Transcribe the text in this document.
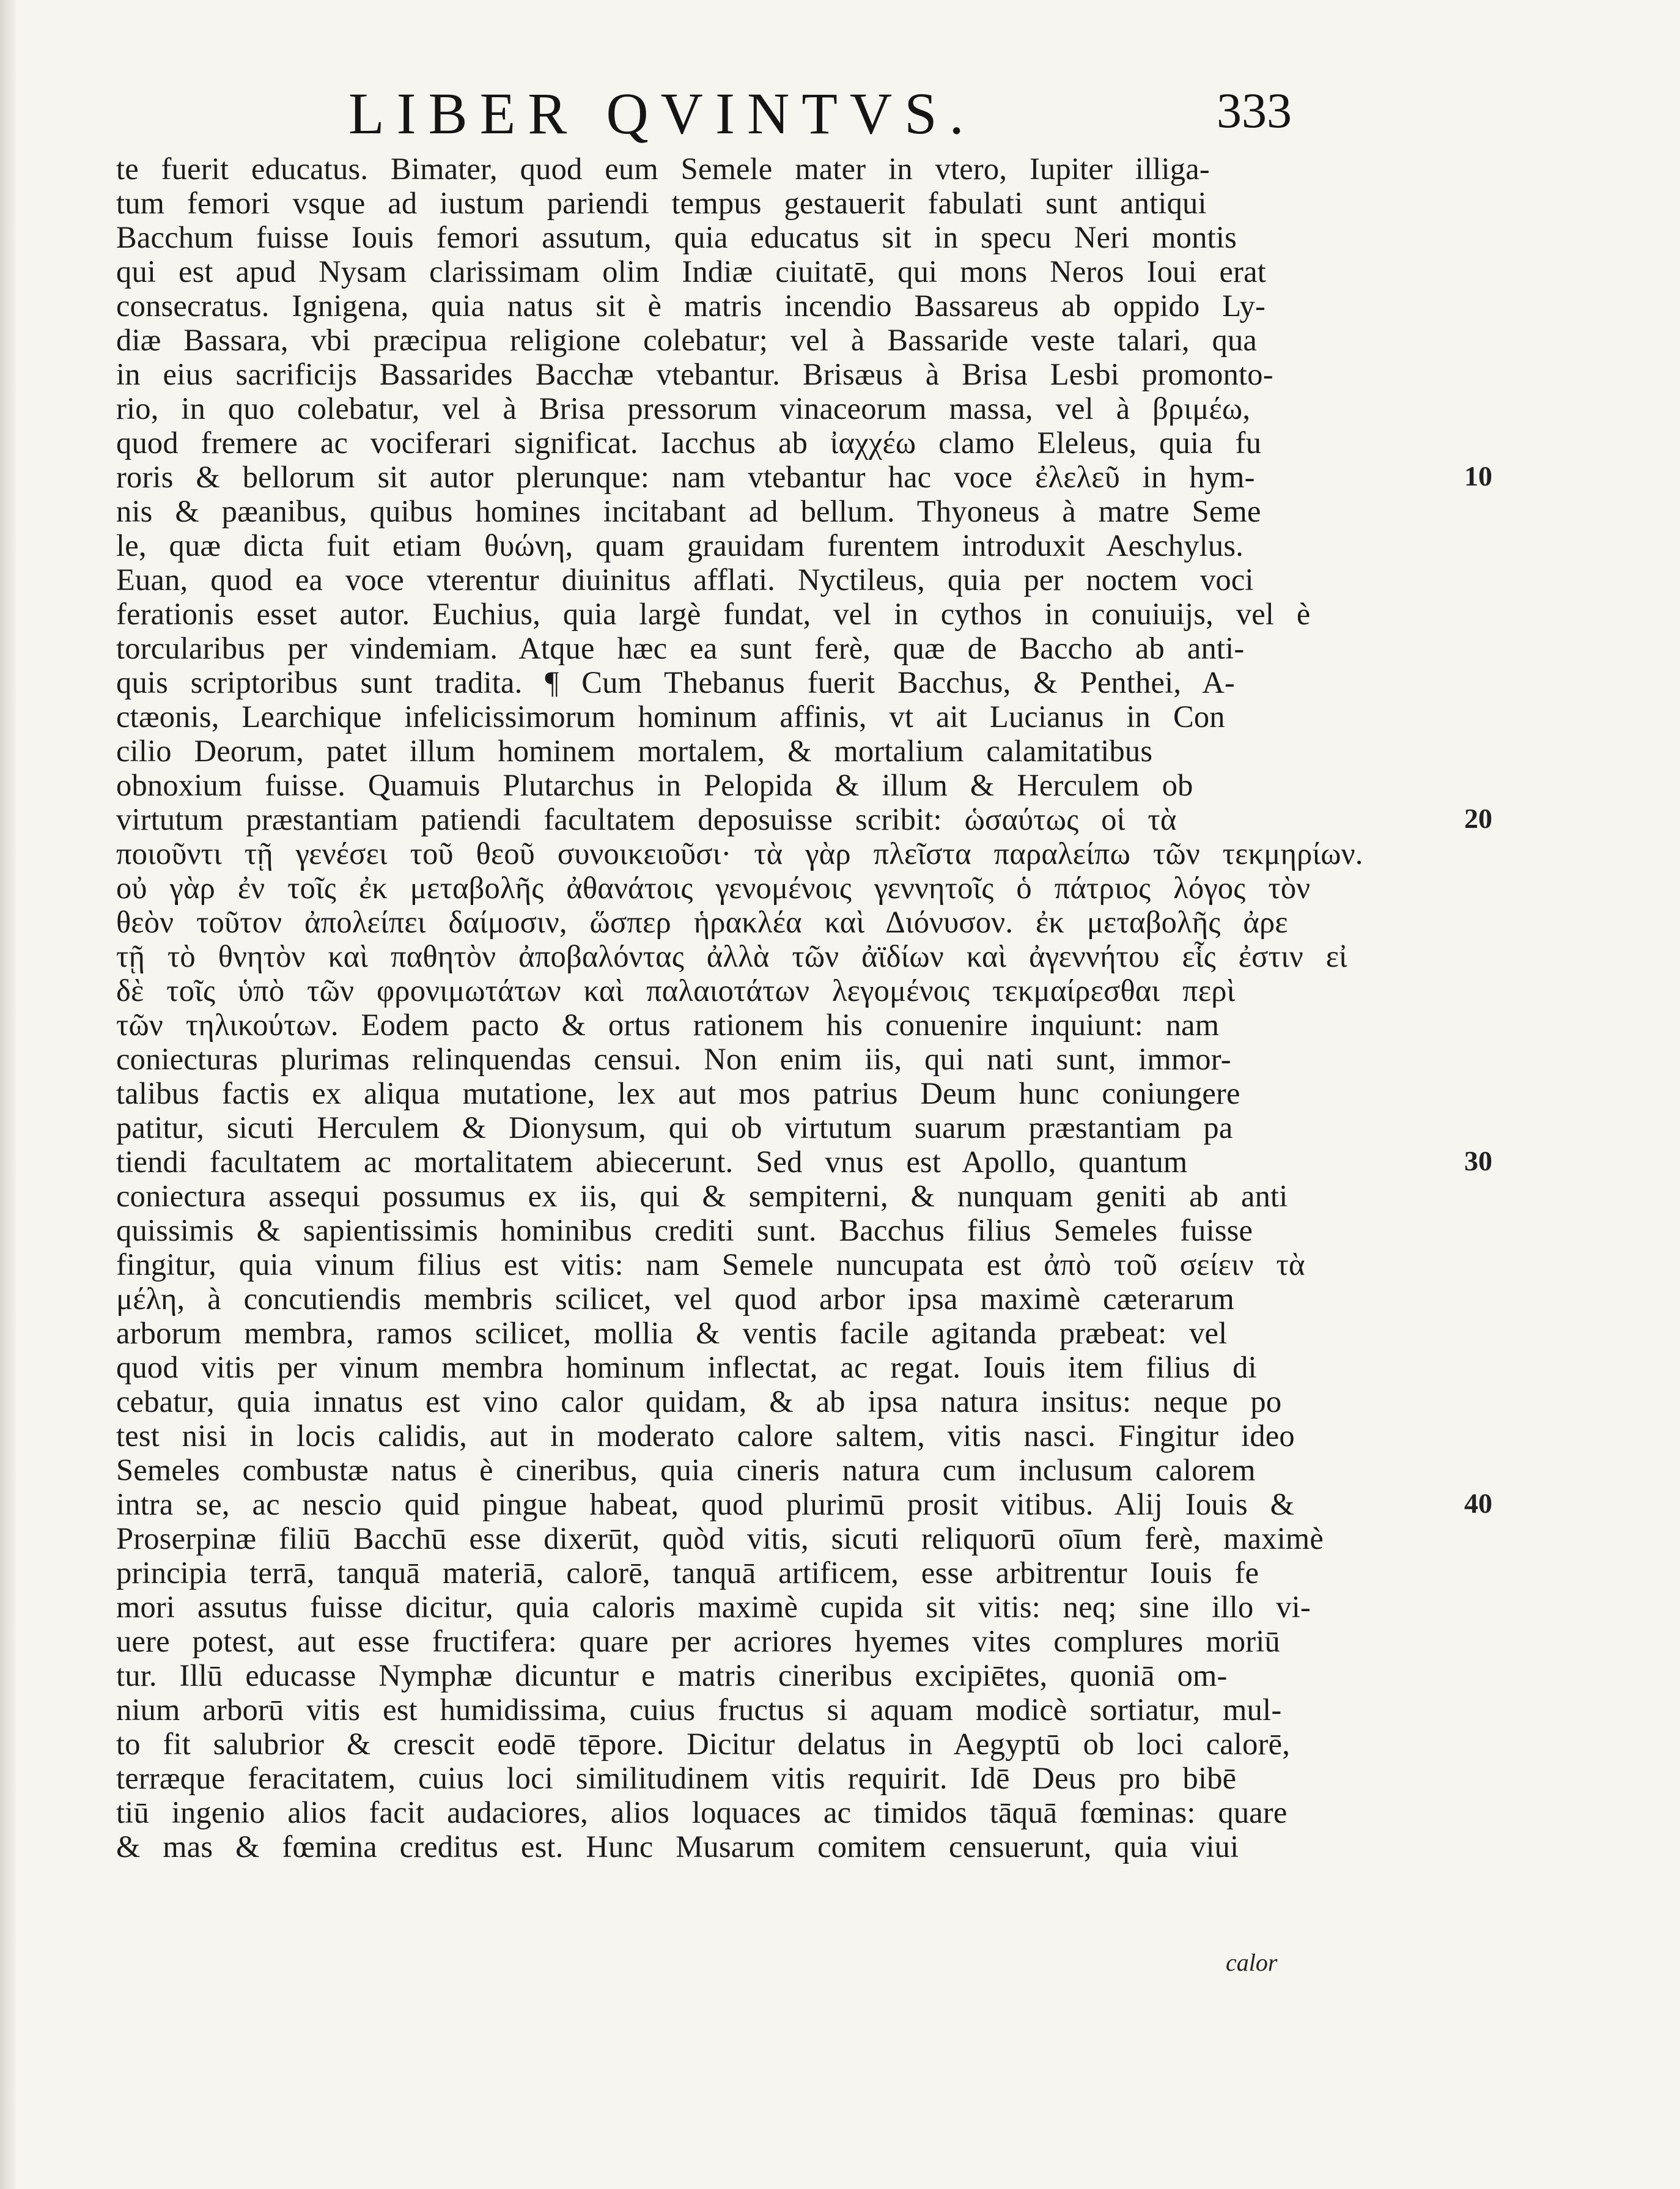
LIBER QVINTVS.	333
te fuerit educatus. Bimater, quod eum Semele mater in vtero, Iupiter illiga-
tum femori vsque ad iustum pariendi tempus gestauerit fabulati sunt antiqui
Bacchum fuisse Iouis femori assutum, quia educatus sit in specu Neri montis
qui est apud Nysam clarissimam olim Indiæ ciuitatē, qui mons Neros Ioui erat
consecratus. Ignigena, quia natus sit è matris incendio Bassareus ab oppido Ly-
diæ Bassara, vbi præcipua religione colebatur; vel à Bassaride veste talari, qua
in eius sacrificijs Bassarides Bacchæ vtebantur. Brisæus à Brisa Lesbi promonto-
rio, in quo colebatur, vel à Brisa pressorum vinaceorum massa, vel à βριμέω,
quod fremere ac vociferari significat. Iacchus ab ἰαχχέω clamo Eleleus, quia fu
roris & bellorum sit autor plerunque: nam vtebantur hac voce ἐλελεῦ in hym-
nis & pæanibus, quibus homines incitabant ad bellum. Thyoneus à matre Seme
le, quæ dicta fuit etiam θυώνη, quam grauidam furentem introduxit Aeschylus.
Euan, quod ea voce vterentur diuinitus afflati. Nyctileus, quia per noctem voci
ferationis esset autor. Euchius, quia largè fundat, vel in cythos in conuiuijs, vel è
torcularibus per vindemiam. Atque hæc ea sunt ferè, quæ de Baccho ab anti-
quis scriptoribus sunt tradita. ¶ Cum Thebanus fuerit Bacchus, & Penthei, A-
ctæonis, Learchique infelicissimorum hominum affinis, vt ait Lucianus in Con
cilio Deorum, patet illum hominem mortalem, & mortalium calamitatibus
obnoxium fuisse. Quamuis Plutarchus in Pelopida & illum & Herculem ob
virtutum præstantiam patiendi facultatem deposuisse scribit: ὡσαύτως οἱ τὰ
ποιοῦντι τῇ γενέσει τοῦ θεοῦ συνοικειοῦσι· τὰ γὰρ πλεῖστα παραλείπω τῶν τεκμηρίων.
οὐ γὰρ ἐν τοῖς ἐκ μεταβολῆς ἀθανάτοις γενομένοις γεννητοῖς ὁ πάτριος λόγος τὸν
θεὸν τοῦτον ἀπολείπει δαίμοσιν, ὥσπερ ἡρακλέα καὶ Διόνυσον. ἐκ μεταβολῆς ἀρε
τῇ τὸ θνητὸν καὶ παθητὸν ἀποβαλόντας ἀλλὰ τῶν ἀϊδίων καὶ ἀγεννήτου εἷς ἐστιν εἰ
δὲ τοῖς ὑπὸ τῶν φρονιμωτάτων καὶ παλαιοτάτων λεγομένοις τεκμαίρεσθαι περὶ
τῶν τηλικούτων. Eodem pacto & ortus rationem his conuenire inquiunt: nam
coniecturas plurimas relinquendas censui. Non enim iis, qui nati sunt, immor-
talibus factis ex aliqua mutatione, lex aut mos patrius Deum hunc coniungere
patitur, sicuti Herculem & Dionysum, qui ob virtutum suarum præstantiam pa
tiendi facultatem ac mortalitatem abiecerunt. Sed vnus est Apollo, quantum
coniectura assequi possumus ex iis, qui & sempiterni, & nunquam geniti ab anti
quissimis & sapientissimis hominibus crediti sunt. Bacchus filius Semeles fuisse
fingitur, quia vinum filius est vitis: nam Semele nuncupata est ἀπὸ τοῦ σείειν τὰ
μέλη, à concutiendis membris scilicet, vel quod arbor ipsa maximè cæterarum
arborum membra, ramos scilicet, mollia & ventis facile agitanda præbeat: vel
quod vitis per vinum membra hominum inflectat, ac regat. Iouis item filius di
cebatur, quia innatus est vino calor quidam, & ab ipsa natura insitus: neque po
test nisi in locis calidis, aut in moderato calore saltem, vitis nasci. Fingitur ideo
Semeles combustæ natus è cineribus, quia cineris natura cum inclusum calorem
intra se, ac nescio quid pingue habeat, quod plurimū prosit vitibus. Alij Iouis &
Proserpinæ filiū Bacchū esse dixerūt, quòd vitis, sicuti reliquorū oīum ferè, maximè
principia terrā, tanquā materiā, calorē, tanquā artificem, esse arbitrentur Iouis fe
mori assutus fuisse dicitur, quia caloris maximè cupida sit vitis: neq; sine illo vi-
uere potest, aut esse fructifera: quare per acriores hyemes vites complures moriū
tur. Illū educasse Nymphæ dicuntur e matris cineribus excipiētes, quoniā om-
nium arborū vitis est humidissima, cuius fructus si aquam modicè sortiatur, mul-
to fit salubrior & crescit eodē tēpore. Dicitur delatus in Aegyptū ob loci calorē,
terræque feracitatem, cuius loci similitudinem vitis requirit. Idē Deus pro bibē
tiū ingenio alios facit audaciores, alios loquaces ac timidos tāquā fœminas: quare
& mas & fœmina creditus est. Hunc Musarum comitem censuerunt, quia viui
10
20
30
40
calor
